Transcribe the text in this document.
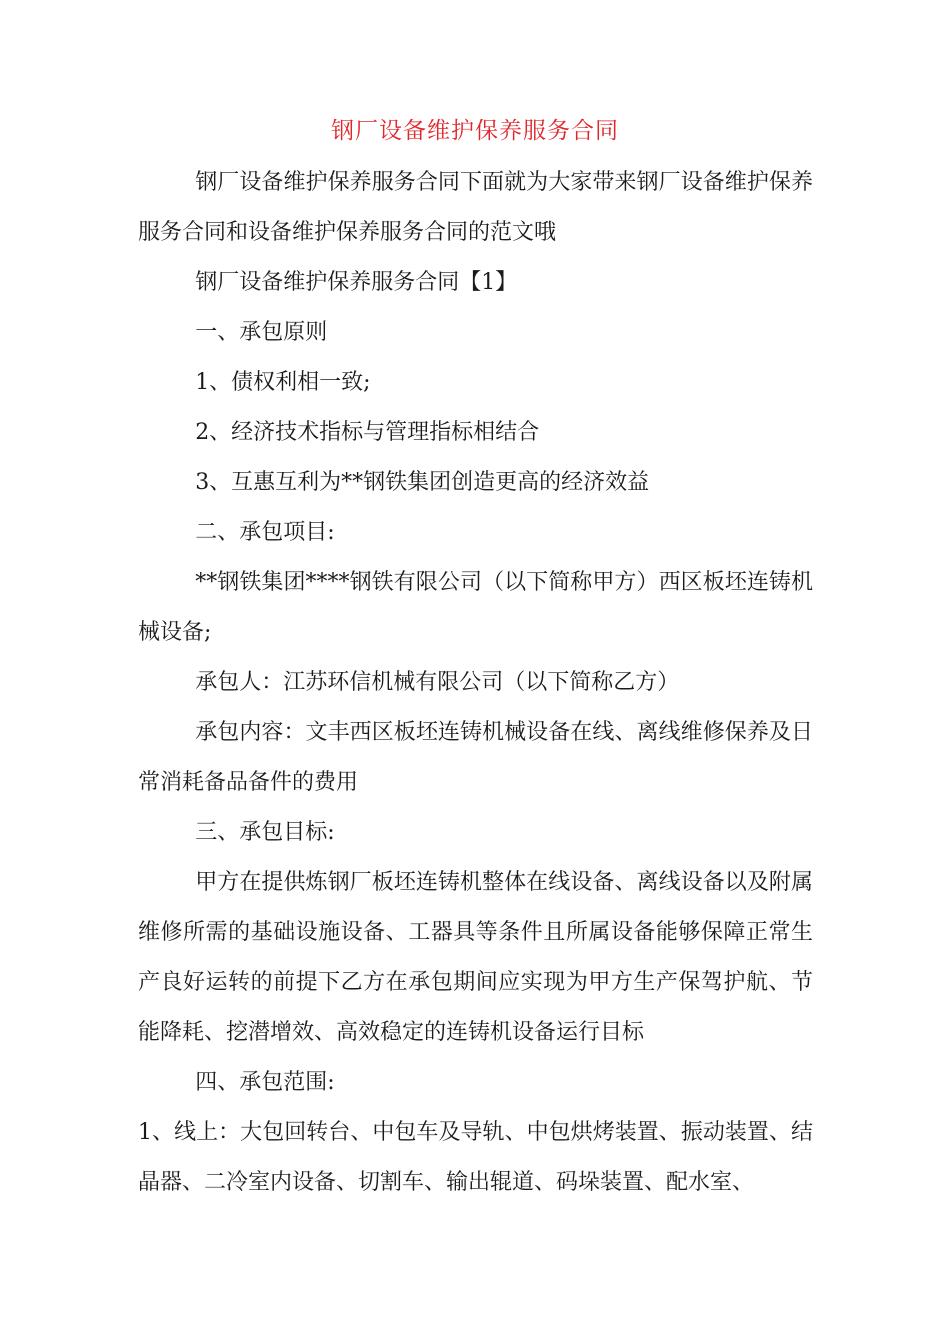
钢厂设备维护保养服务合同

钢厂设备维护保养服务合同下面就为大家带来钢厂设备维护保养服务合同和设备维护保养服务合同的范文哦

钢厂设备维护保养服务合同【1】

一、承包原则

1、债权利相一致;

2、经济技术指标与管理指标相结合

3、互惠互利为**钢铁集团创造更高的经济效益

二、承包项目:

**钢铁集团****钢铁有限公司（以下简称甲方）西区板坯连铸机械设备;

承包人：江苏环信机械有限公司（以下简称乙方）

承包内容：文丰西区板坯连铸机械设备在线、离线维修保养及日常消耗备品备件的费用

三、承包目标:

甲方在提供炼钢厂板坯连铸机整体在线设备、离线设备以及附属维修所需的基础设施设备、工器具等条件且所属设备能够保障正常生产良好运转的前提下乙方在承包期间应实现为甲方生产保驾护航、节能降耗、挖潜增效、高效稳定的连铸机设备运行目标

四、承包范围:

1、线上：大包回转台、中包车及导轨、中包烘烤装置、振动装置、结晶器、二冷室内设备、切割车、输出辊道、码垛装置、配水室、
